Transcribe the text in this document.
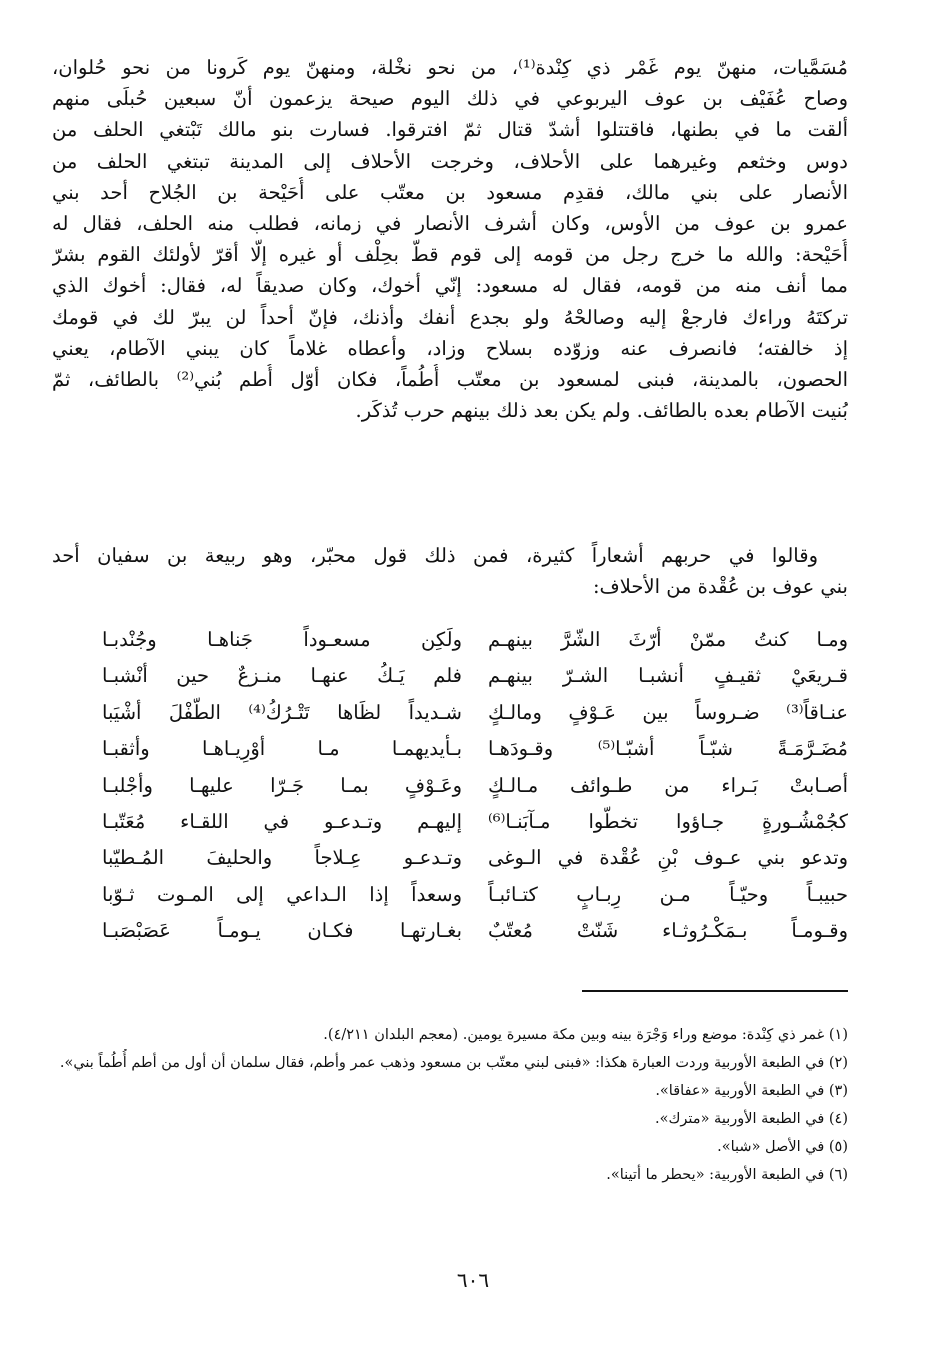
مُسَمَّيات، منهنّ يوم غَمْر ذي كِنْدة⁽¹⁾، من نحو نخْلة، ومنهنّ يوم كَرونا من نحو حُلوان،
وصاح عُفَيْف بن عوف اليربوعي في ذلك اليوم صيحة يزعمون أنّ سبعين حُبلَى منهم
ألقت ما في بطنها، فاقتتلوا أشدّ قتال ثمّ افترقوا. فسارت بنو مالك تَبْتغي الحلف من
دوس وخثعم وغيرهما على الأحلاف، وخرجت الأحلاف إلى المدينة تبتغي الحلف من
الأنصار على بني مالك، فقدِم مسعود بن معتّب على أُحَيْحة بن الجُلاح أحد بني
عمرو بن عوف من الأوس، وكان أشرف الأنصار في زمانه، فطلب منه الحلف، فقال له
أُحَيْحة: والله ما خرج رجل من قومه إلى قوم قطّ بحِلْف أو غيره إلّا أقرّ لأولئك القوم بشرّ
مما أنف منه من قومه، فقال له مسعود: إنّي أخوك، وكان صديقاً له، فقال: أخوك الذي
تركتَهُ وراءك فارجعْ إليه وصالحْهُ ولو بجدع أنفك وأذنك، فإنّ أحداً لن يبرّ لك في قومك
إذ خالفته؛ فانصرف عنه وزوّده بسلاح وزاد، وأعطاه غلاماً كان يبني الآطام، يعني
الحصون، بالمدينة، فبنى لمسعود بن معتّب أُطُماً، فكان أوّل أُطم بُني⁽²⁾ بالطائف، ثمّ
بُنيت الآطام بعده بالطائف. ولم يكن بعد ذلك بينهم حرب تُذكَر.
وقالوا في حربهم أشعاراً كثيرة، فمن ذلك قول محبّر، وهو ربيعة بن سفيان أحد
بني عوف بن عُقْدة من الأحلاف:
ومـا كنتُ ممّنْ أرّثَ الشّرَّ بينهـم
ولَكِن مسعـوداً جَناهـا وجُنْدبـا
قـريعَيْ ثقيـفٍ أنشبـا الشـرّ بينهـم
فلم يَـكُ عنهـا منـزعٌ حين أنْشبـا
عنـاقاً⁽³⁾ ضـروساً بين عَـوْفٍ ومالـكٍ
شـديداً لظَاها تَتْـرُكُ⁽⁴⁾ الطّفْلَ أشْيَبا
مُضَـرَّمَـةً شبّـاً أشبّـا⁽⁵⁾ وقـودَهـا
بـأيديهمـا مـا أوْرِيـاهـا وأثقبـا
أصـابتْ بَـراء من طـوائف مـالـكٍ
وعَـوْفٍ بمـا جَـرّا عليهـا وأجْلبـا
كجُمْشُـورةٍ جـاؤوا تخطّوا مـآبَنـا⁽⁶⁾
إليهـم وتـدعـو في اللقـاء مُعَتّبـا
وتدعو بني عـوف بْنِ عُقْدة في الـوغى
وتـدعـو عِـلاجاً والحليفَ المُـطيّبا
حبيبـاً وحيّـاً مـن رِبـابٍ كتـائبـاً
وسعداً إذا الـداعي إلى المـوت ثـوّبا
وقـومـاً بـمَكْـرُوثـاء شَنّتْ مُعتّبٌ
بغـارتهـا فكـان يـومـاً عَصَبْصَبـا
(١) غمر ذي كِنْدة: موضع وراء وَجْرَة بينه وبين مكة مسيرة يومين. (معجم البلدان ٤/٢١١).
(٢) في الطبعة الأوربية وردت العبارة هكذا: «فبنى لبني معتّب بن مسعود وذهب عمر وأطم، فقال سلمان أن أول من أطم أُطُماً بني».
(٣) في الطبعة الأوربية «عفاقا».
(٤) في الطبعة الأوربية «مترك».
(٥) في الأصل «شبا».
(٦) في الطبعة الأوربية: «يحطر ما أتينا».
٦٠٦
